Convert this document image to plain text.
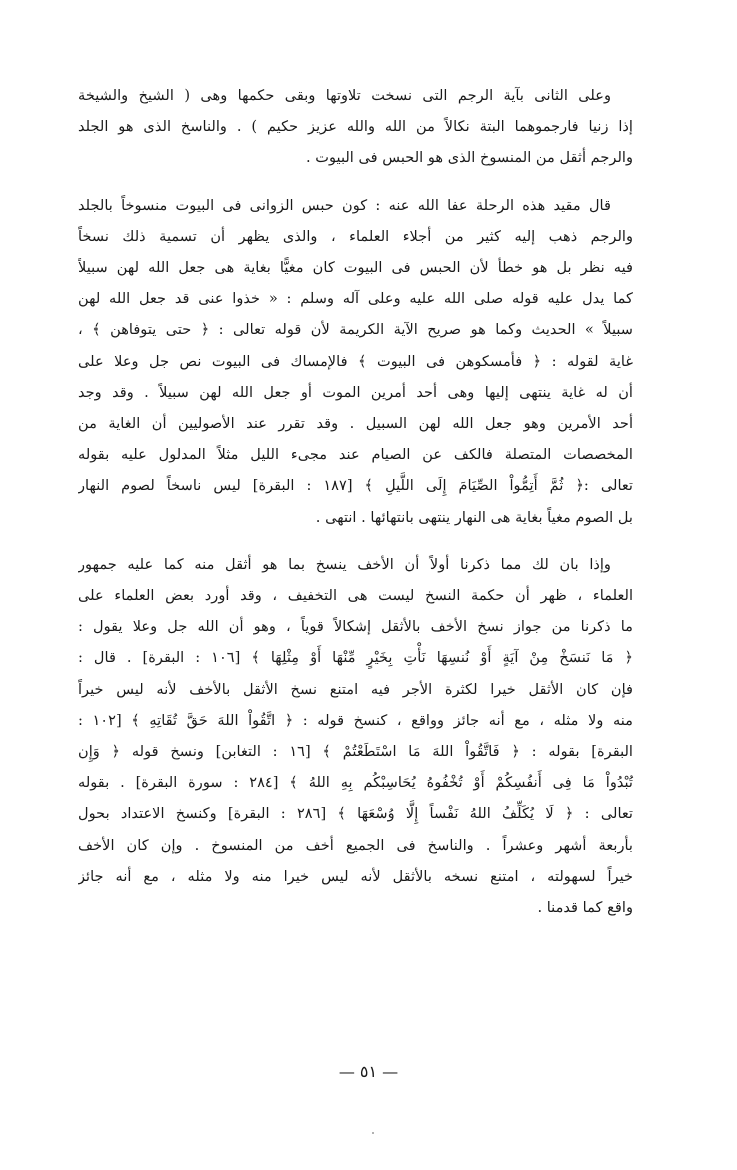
وعلى الثانى بآية الرجم التى نسخت تلاوتها وبقى حكمها وهى ( الشيخ والشيخة
إذا زنيا فارجموهما البتة نكالاً من الله والله عزيز حكيم ) . والناسخ الذى هو الجلد
والرجم أثقل من المنسوخ الذى هو الحبس فى البيوت .

قال مقيد هذه الرحلة عفا الله عنه : كون حبس الزوانى فى البيوت منسوخاً بالجلد
والرجم ذهب إليه كثير من أجلاء العلماء ، والذى يظهر أن تسمية ذلك نسخاً
فيه نظر بل هو خطأ لأن الحبس فى البيوت كان مغيًّا بغاية هى جعل الله لهن سبيلاً
كما يدل عليه قوله صلى الله عليه وعلى آله وسلم : « خذوا عنى قد جعل الله لهن
سبيلاً » الحديث وكما هو صريح الآية الكريمة لأن قوله تعالى : ﴿ حتى يتوفاهن ﴾ ،
غاية لقوله : ﴿ فأمسكوهن فى البيوت ﴾ فالإمساك فى البيوت نص جل وعلا على
أن له غاية ينتهى إليها وهى أحد أمرين الموت أو جعل الله لهن سبيلاً . وقد وجد
أحد الأمرين وهو جعل الله لهن السبيل . وقد تقرر عند الأصوليين أن الغاية من
المخصصات المتصلة فالكف عن الصيام عند مجىء الليل مثلاً المدلول عليه بقوله
تعالى :﴿ ثُمَّ أَتِمُّواْ الصِّيَامَ إِلَى اللَّيلِ ﴾ [١٨٧ : البقرة] ليس ناسخاً لصوم النهار
بل الصوم مغياً بغاية هى النهار ينتهى بانتهائها . انتهى .

وإذا بان لك مما ذكرنا أولاً أن الأخف ينسخ بما هو أثقل منه كما عليه جمهور
العلماء ، ظهر أن حكمة النسخ ليست هى التخفيف ، وقد أورد بعض العلماء على
ما ذكرنا من جواز نسخ الأخف بالأثقل إشكالاً قوياً ، وهو أن الله جل وعلا يقول :
﴿ مَا نَنسَخْ مِنْ آيَةٍ أَوْ نُنسِهَا نَأْتِ بِخَيْرٍ مِّنْهَا أَوْ مِثْلِهَا ﴾ [١٠٦ : البقرة] . قال :
فإن كان الأثقل خيرا لكثرة الأجر فيه امتنع نسخ الأثقل بالأخف لأنه ليس خيراً
منه ولا مثله ، مع أنه جائز وواقع ، كنسخ قوله : ﴿ اتَّقُواْ اللهَ حَقَّ تُقَاتِهِ ﴾ [١٠٢ :
البقرة] بقوله : ﴿ فَاتَّقُواْ اللهَ مَا اسْتَطَعْتُمْ ﴾ [١٦ : التغابن] ونسخ قوله ﴿ وَإِن
تُبْدُواْ مَا فِى أَنفُسِكُمْ أَوْ تُخْفُوهُ يُحَاسِبْكُم بِهِ اللهُ ﴾ [٢٨٤ : سورة البقرة] . بقوله
تعالى : ﴿ لَا يُكَلِّفُ اللهُ نَفْساً إِلَّا وُسْعَهَا ﴾ [٢٨٦ : البقرة] وكنسخ الاعتداد بحول
بأربعة أشهر وعشراً . والناسخ فى الجميع أخف من المنسوخ . وإن كان الأخف
خيراً لسهولته ، امتنع نسخه بالأثقل لأنه ليس خيرا منه ولا مثله ، مع أنه جائز
واقع كما قدمنا .

— ٥١ —
